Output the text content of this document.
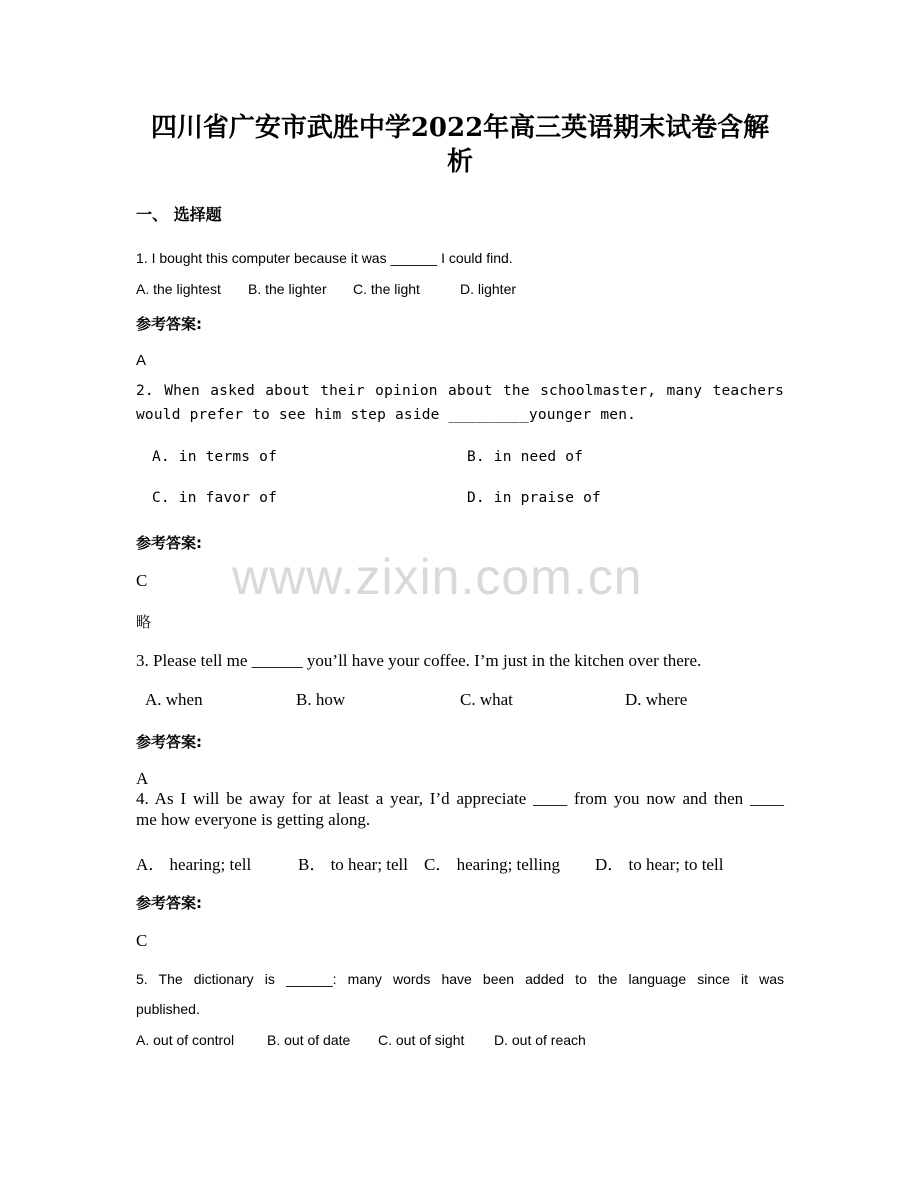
www.zixin.com.cn
四川省广安市武胜中学2022年高三英语期末试卷含解
析
一、 选择题
1. I bought this computer because it was ______ I could find.
A. the lightest B. the lighter C. the light	D. lighter
参考答案:
A
2. When asked about their opinion about the schoolmaster, many teachers
would prefer to see him step aside _________younger men.
A. in terms of	B. in need of
C. in favor of	D. in praise of
参考答案:
C
略
3. Please tell me ______ you’ll have your coffee. I’m just in the kitchen over there.
A. when	B. how	C. what	D. where
参考答案:
A
4. As I will be away for at least a year, I’d appreciate ____ from you now and then ____
me how everyone is getting along.
A． hearing; tell	B． to hear; tell C． hearing; telling D． to hear; to tell
参考答案:
C
5. The dictionary is ______: many words have been added to the language since it was
published.
A. out of control B. out of date C. out of sight D. out of reach
